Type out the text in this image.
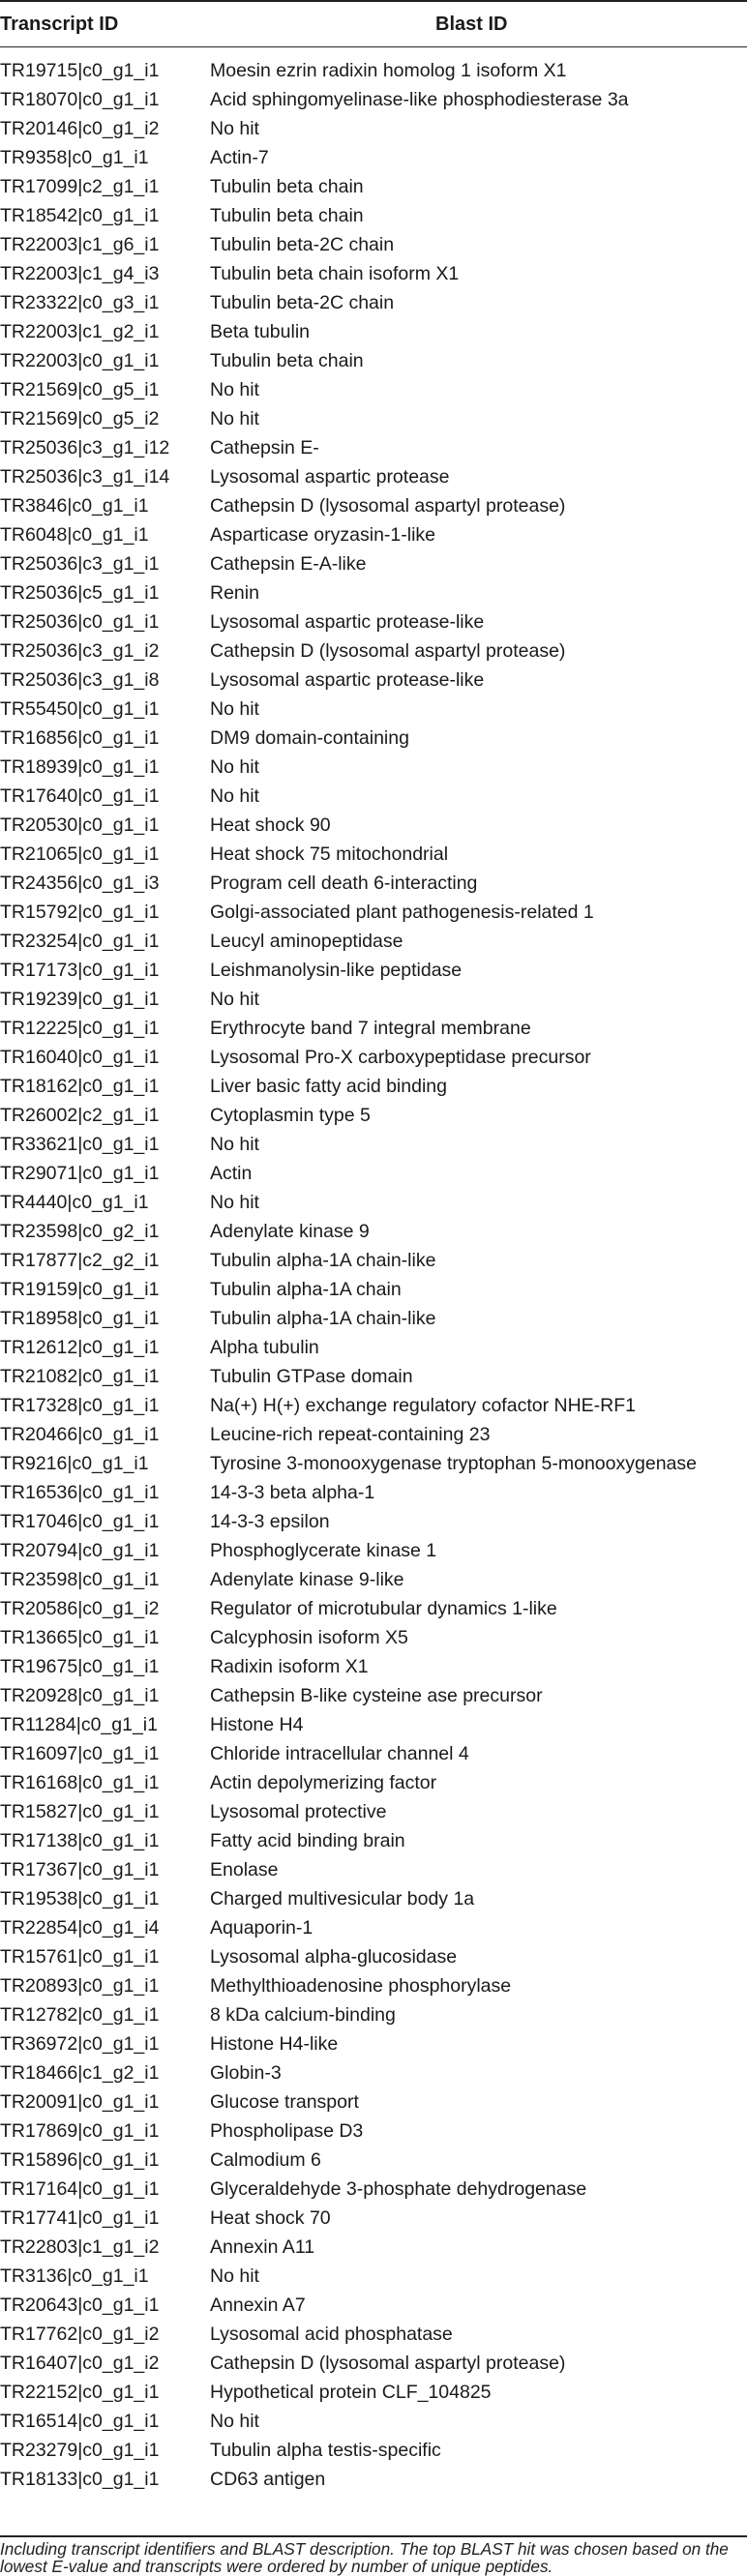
Transcript ID	Blast ID
TR19715|c0_g1_i1	Moesin ezrin radixin homolog 1 isoform X1
TR18070|c0_g1_i1	Acid sphingomyelinase-like phosphodiesterase 3a
TR20146|c0_g1_i2	No hit
TR9358|c0_g1_i1	Actin-7
TR17099|c2_g1_i1	Tubulin beta chain
TR18542|c0_g1_i1	Tubulin beta chain
TR22003|c1_g6_i1	Tubulin beta-2C chain
TR22003|c1_g4_i3	Tubulin beta chain isoform X1
TR23322|c0_g3_i1	Tubulin beta-2C chain
TR22003|c1_g2_i1	Beta tubulin
TR22003|c0_g1_i1	Tubulin beta chain
TR21569|c0_g5_i1	No hit
TR21569|c0_g5_i2	No hit
TR25036|c3_g1_i12 Cathepsin E-
TR25036|c3_g1_i14 Lysosomal aspartic protease
TR3846|c0_g1_i1	Cathepsin D (lysosomal aspartyl protease)
TR6048|c0_g1_i1	Asparticase oryzasin-1-like
TR25036|c3_g1_i1	Cathepsin E-A-like
TR25036|c5_g1_i1	Renin
TR25036|c0_g1_i1	Lysosomal aspartic protease-like
TR25036|c3_g1_i2	Cathepsin D (lysosomal aspartyl protease)
TR25036|c3_g1_i8	Lysosomal aspartic protease-like
TR55450|c0_g1_i1	No hit
TR16856|c0_g1_i1	DM9 domain-containing
TR18939|c0_g1_i1	No hit
TR17640|c0_g1_i1	No hit
TR20530|c0_g1_i1	Heat shock 90
TR21065|c0_g1_i1	Heat shock 75 mitochondrial
TR24356|c0_g1_i3	Program cell death 6-interacting
TR15792|c0_g1_i1	Golgi-associated plant pathogenesis-related 1
TR23254|c0_g1_i1	Leucyl aminopeptidase
TR17173|c0_g1_i1	Leishmanolysin-like peptidase
TR19239|c0_g1_i1	No hit
TR12225|c0_g1_i1	Erythrocyte band 7 integral membrane
TR16040|c0_g1_i1	Lysosomal Pro-X carboxypeptidase precursor
TR18162|c0_g1_i1	Liver basic fatty acid binding
TR26002|c2_g1_i1	Cytoplasmin type 5
TR33621|c0_g1_i1	No hit
TR29071|c0_g1_i1	Actin
TR4440|c0_g1_i1	No hit
TR23598|c0_g2_i1	Adenylate kinase 9
TR17877|c2_g2_i1	Tubulin alpha-1A chain-like
TR19159|c0_g1_i1	Tubulin alpha-1A chain
TR18958|c0_g1_i1	Tubulin alpha-1A chain-like
TR12612|c0_g1_i1	Alpha tubulin
TR21082|c0_g1_i1	Tubulin GTPase domain
TR17328|c0_g1_i1	Na(+) H(+) exchange regulatory cofactor NHE-RF1
TR20466|c0_g1_i1	Leucine-rich repeat-containing 23
TR9216|c0_g1_i1	Tyrosine 3-monooxygenase tryptophan 5-monooxygenase
TR16536|c0_g1_i1	14-3-3 beta alpha-1
TR17046|c0_g1_i1	14-3-3 epsilon
TR20794|c0_g1_i1	Phosphoglycerate kinase 1
TR23598|c0_g1_i1	Adenylate kinase 9-like
TR20586|c0_g1_i2	Regulator of microtubular dynamics 1-like
TR13665|c0_g1_i1	Calcyphosin isoform X5
TR19675|c0_g1_i1	Radixin isoform X1
TR20928|c0_g1_i1	Cathepsin B-like cysteine ase precursor
TR11284|c0_g1_i1	Histone H4
TR16097|c0_g1_i1	Chloride intracellular channel 4
TR16168|c0_g1_i1	Actin depolymerizing factor
TR15827|c0_g1_i1	Lysosomal protective
TR17138|c0_g1_i1	Fatty acid binding brain
TR17367|c0_g1_i1	Enolase
TR19538|c0_g1_i1	Charged multivesicular body 1a
TR22854|c0_g1_i4	Aquaporin-1
TR15761|c0_g1_i1	Lysosomal alpha-glucosidase
TR20893|c0_g1_i1	Methylthioadenosine phosphorylase
TR12782|c0_g1_i1	8 kDa calcium-binding
TR36972|c0_g1_i1	Histone H4-like
TR18466|c1_g2_i1	Globin-3
TR20091|c0_g1_i1	Glucose transport
TR17869|c0_g1_i1	Phospholipase D3
TR15896|c0_g1_i1	Calmodium 6
TR17164|c0_g1_i1	Glyceraldehyde 3-phosphate dehydrogenase
TR17741|c0_g1_i1	Heat shock 70
TR22803|c1_g1_i2	Annexin A11
TR3136|c0_g1_i1	No hit
TR20643|c0_g1_i1	Annexin A7
TR17762|c0_g1_i2	Lysosomal acid phosphatase
TR16407|c0_g1_i2	Cathepsin D (lysosomal aspartyl protease)
TR22152|c0_g1_i1	Hypothetical protein CLF_104825
TR16514|c0_g1_i1	No hit
TR23279|c0_g1_i1	Tubulin alpha testis-specific
TR18133|c0_g1_i1	CD63 antigen
Including transcript identifiers and BLAST description. The top BLAST hit was chosen based on the lowest E-value and transcripts were ordered by number of unique peptides.
